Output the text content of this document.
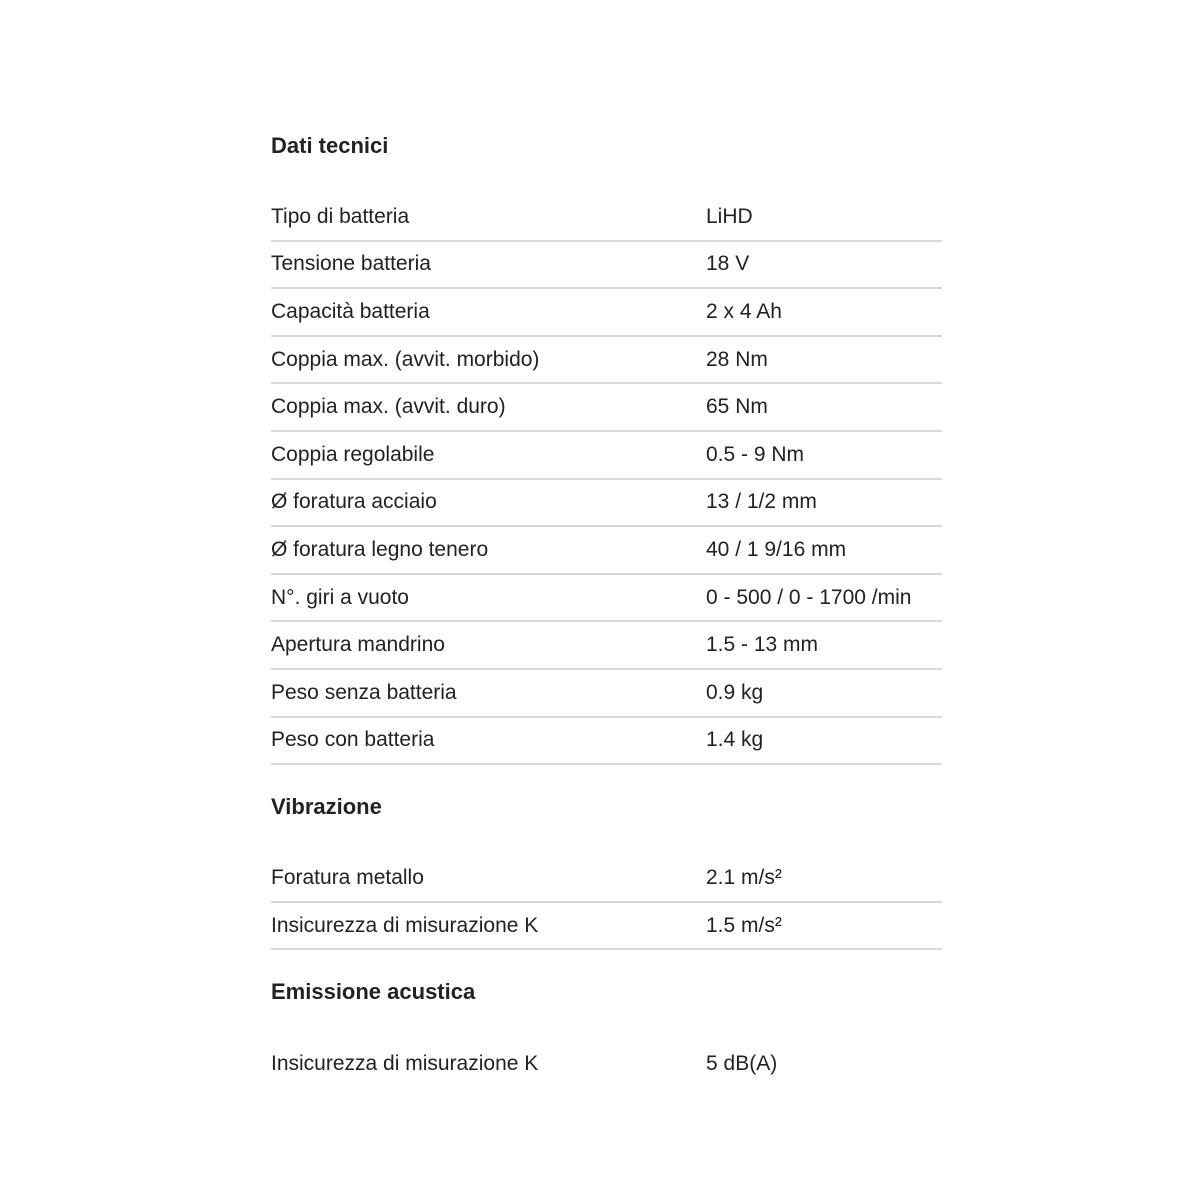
Dati tecnici
Tipo di batteria	LiHD
Tensione batteria	18 V
Capacità batteria	2 x 4 Ah
Coppia max. (avvit. morbido)	28 Nm
Coppia max. (avvit. duro)	65 Nm
Coppia regolabile	0.5 - 9 Nm
Ø foratura acciaio	13 / 1/2 mm
Ø foratura legno tenero	40 / 1 9/16 mm
N°. giri a vuoto	0 - 500 / 0 - 1700 /min
Apertura mandrino	1.5 - 13 mm
Peso senza batteria	0.9 kg
Peso con batteria	1.4 kg
Vibrazione
Foratura metallo	2.1 m/s²
Insicurezza di misurazione K	1.5 m/s²
Emissione acustica
Insicurezza di misurazione K	5 dB(A)
